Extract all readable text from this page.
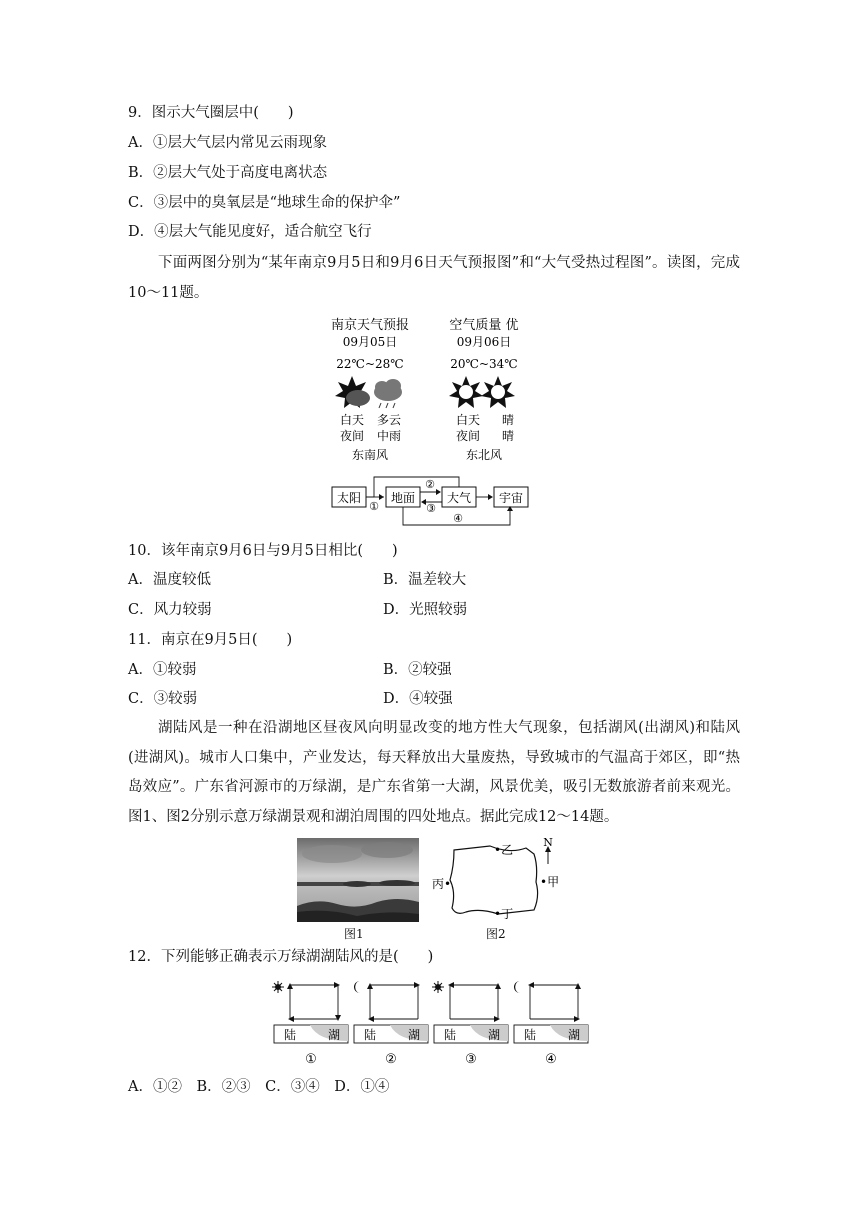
9．图示大气圈层中(　　)
A．①层大气层内常见云雨现象
B．②层大气处于高度电离状态
C．③层中的臭氧层是“地球生命的保护伞”
D．④层大气能见度好，适合航空飞行
下面两图分别为“某年南京9月5日和9月6日天气预报图”和“大气受热过程图”。读图，完成10～11题。
南京天气预报
09月05日
22℃~28℃
白天 多云
夜间 中雨
东南风
空气质量 优
09月06日
20℃~34℃
白天 晴
夜间 晴
东北风
太阳 地面	大气 宇宙
①
②
③
④
10．该年南京9月6日与9月5日相比(　　)
A．温度较低	B．温差较大
C．风力较弱	D．光照较弱
11．南京在9月5日(　　)
A．①较弱	B．②较强
C．③较弱	D．④较强
湖陆风是一种在沿湖地区昼夜风向明显改变的地方性大气现象，包括湖风(出湖风)和陆风(进湖风)。城市人口集中，产业发达，每天释放出大量废热，导致城市的气温高于郊区，即“热岛效应”。广东省河源市的万绿湖，是广东省第一大湖，风景优美，吸引无数旅游者前来观光。图1、图2分别示意万绿湖景观和湖泊周围的四处地点。据此完成12～14题。
图1
N
•乙
丙•	•甲
•丁
图2
12．下列能够正确表示万绿湖湖陆风的是(　　)
陆	湖
①
陆	湖
②
陆	湖
③
陆	湖
④
A．①②　B．②③　C．③④　D．①④
